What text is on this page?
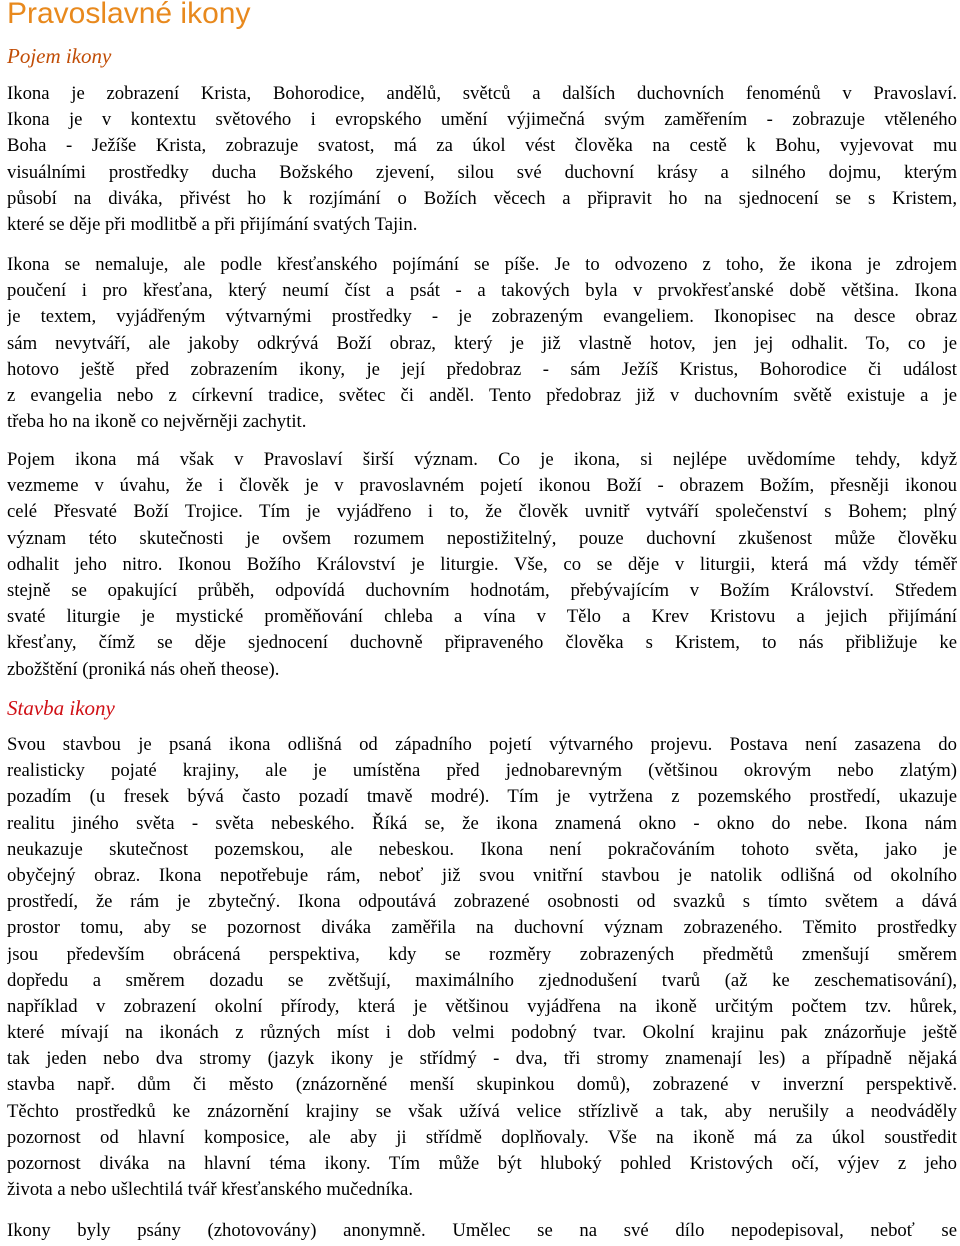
Pravoslavné ikony
Pojem ikony

Ikona je zobrazení Krista, Bohorodice, andělů, světců a dalších duchovních fenoménů v Pravoslaví.
Ikona je v kontextu světového i evropského umění výjimečná svým zaměřením - zobrazuje vtěleného
Boha - Ježíše Krista, zobrazuje svatost, má za úkol vést člověka na cestě k Bohu, vyjevovat mu
visuálními prostředky ducha Božského zjevení, silou své duchovní krásy a silného dojmu, kterým
působí na diváka, přivést ho k rozjímání o Božích věcech a připravit ho na sjednocení se s Kristem,
které se děje při modlitbě a při přijímání svatých Tajin.

Ikona se nemaluje, ale podle křesťanského pojímání se píše. Je to odvozeno z toho, že ikona je zdrojem
poučení i pro křesťana, který neumí číst a psát - a takových byla v prvokřesťanské době většina. Ikona
je textem, vyjádřeným výtvarnými prostředky - je zobrazeným evangeliem. Ikonopisec na desce obraz
sám nevytváří, ale jakoby odkrývá Boží obraz, který je již vlastně hotov, jen jej odhalit. To, co je
hotovo ještě před zobrazením ikony, je její předobraz - sám Ježíš Kristus, Bohorodice či událost
z evangelia nebo z církevní tradice, světec či anděl. Tento předobraz již v duchovním světě existuje a je
třeba ho na ikoně co nejvěrněji zachytit.

Pojem ikona má však v Pravoslaví širší význam. Co je ikona, si nejlépe uvědomíme tehdy, když
vezmeme v úvahu, že i člověk je v pravoslavném pojetí ikonou Boží - obrazem Božím, přesněji ikonou
celé Přesvaté Boží Trojice. Tím je vyjádřeno i to, že člověk uvnitř vytváří společenství s Bohem; plný
význam této skutečnosti je ovšem rozumem nepostižitelný, pouze duchovní zkušenost může člověku
odhalit jeho nitro. Ikonou Božího Království je liturgie. Vše, co se děje v liturgii, která má vždy téměř
stejně se opakující průběh, odpovídá duchovním hodnotám, přebývajícím v Božím Království. Středem
svaté liturgie je mystické proměňování chleba a vína v Tělo a Krev Kristovu a jejich přijímání
křesťany, čímž se děje sjednocení duchovně připraveného člověka s Kristem, to nás přibližuje ke
zbožštění (proniká nás oheň theose).

Stavba ikony

Svou stavbou je psaná ikona odlišná od západního pojetí výtvarného projevu. Postava není zasazena do
realisticky pojaté krajiny, ale je umístěna před jednobarevným (většinou okrovým nebo zlatým)
pozadím (u fresek bývá často pozadí tmavě modré). Tím je vytržena z pozemského prostředí, ukazuje
realitu jiného světa - světa nebeského. Říká se, že ikona znamená okno - okno do nebe. Ikona nám
neukazuje skutečnost pozemskou, ale nebeskou. Ikona není pokračováním tohoto světa, jako je
obyčejný obraz. Ikona nepotřebuje rám, neboť již svou vnitřní stavbou je natolik odlišná od okolního
prostředí, že rám je zbytečný. Ikona odpoutává zobrazené osobnosti od svazků s tímto světem a dává
prostor tomu, aby se pozornost diváka zaměřila na duchovní význam zobrazeného. Těmito prostředky
jsou především obrácená perspektiva, kdy se rozměry zobrazených předmětů zmenšují směrem
dopředu a směrem dozadu se zvětšují, maximálního zjednodušení tvarů (až ke zeschematisování),
například v zobrazení okolní přírody, která je většinou vyjádřena na ikoně určitým počtem tzv. hůrek,
které mívají na ikonách z různých míst i dob velmi podobný tvar. Okolní krajinu pak znázorňuje ještě
tak jeden nebo dva stromy (jazyk ikony je střídmý - dva, tři stromy znamenají les) a případně nějaká
stavba např. dům či město (znázorněné menší skupinkou domů), zobrazené v inverzní perspektivě.
Těchto prostředků ke znázornění krajiny se však užívá velice střízlivě a tak, aby nerušily a neodváděly
pozornost od hlavní komposice, ale aby ji střídmě doplňovaly. Vše na ikoně má za úkol soustředit
pozornost diváka na hlavní téma ikony. Tím může být hluboký pohled Kristových očí, výjev z jeho
života a nebo ušlechtilá tvář křesťanského mučedníka.

Ikony byly psány (zhotovovány) anonymně. Umělec se na své dílo nepodepisoval, neboť se
